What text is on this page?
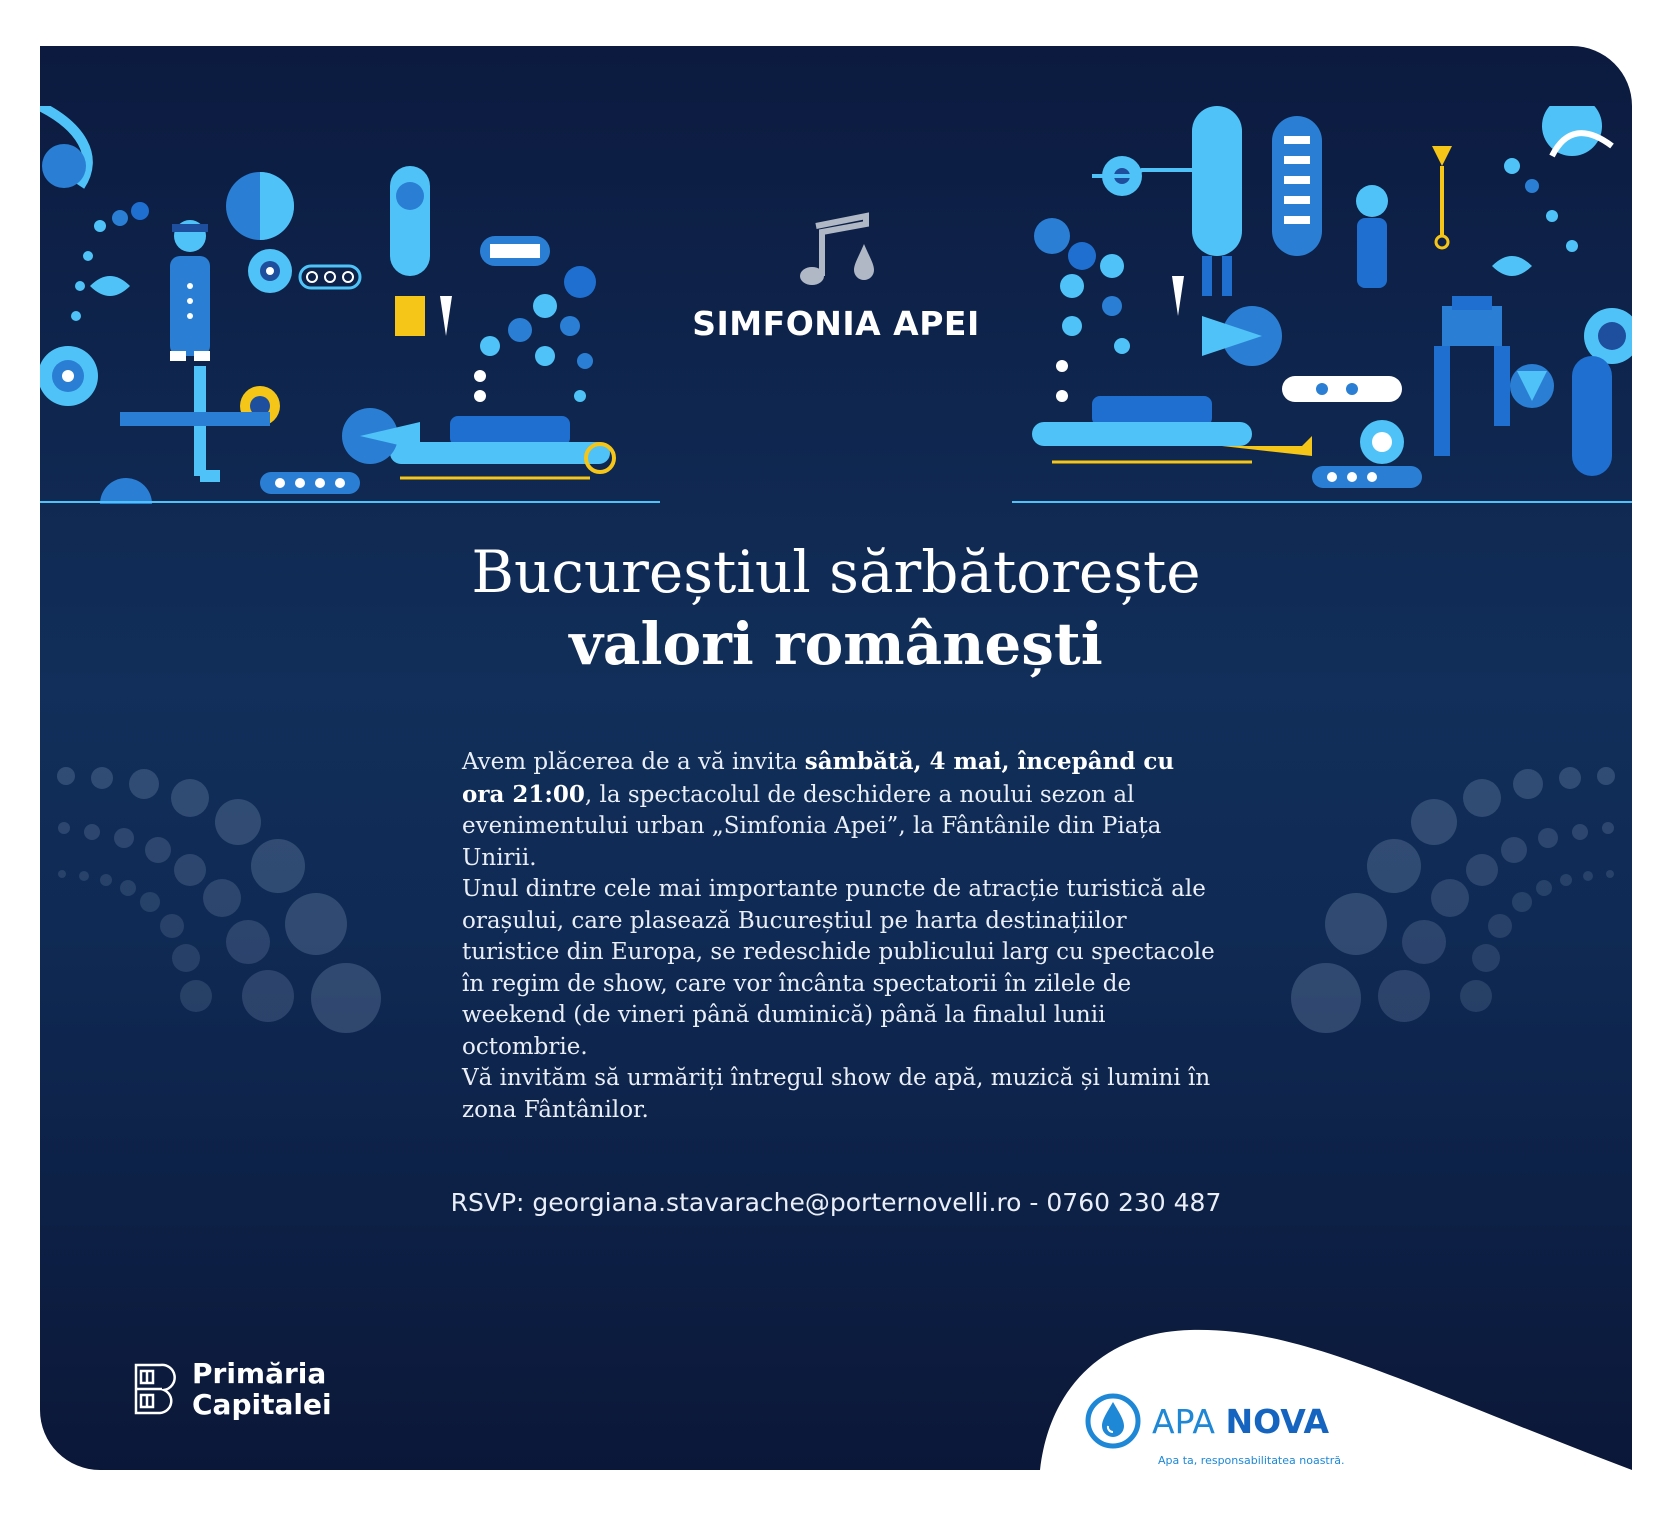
SIMFONIA APEI
Bucureștiul sărbătorește
valori românești

Avem plăcerea de a vă invita sâmbătă, 4 mai, începând cu ora 21:00, la spectacolul de deschidere a noului sezon al evenimentului urban „Simfonia Apei”, la Fântânile din Piața Unirii.

Unul dintre cele mai importante puncte de atracție turistică ale orașului, care plasează Bucureștiul pe harta destinațiilor turistice din Europa, se redeschide publicului larg cu spectacole în regim de show, care vor încânta spectatorii în zilele de weekend (de vineri până duminică) până la finalul lunii octombrie.

Vă invităm să urmăriți întregul show de apă, muzică și lumini în zona Fântânilor.

RSVP: georgiana.stavarache@porternovelli.ro - 0760 230 487
Primăria
Capitalei	APA NOVA
Apa ta, responsabilitatea noastră.
